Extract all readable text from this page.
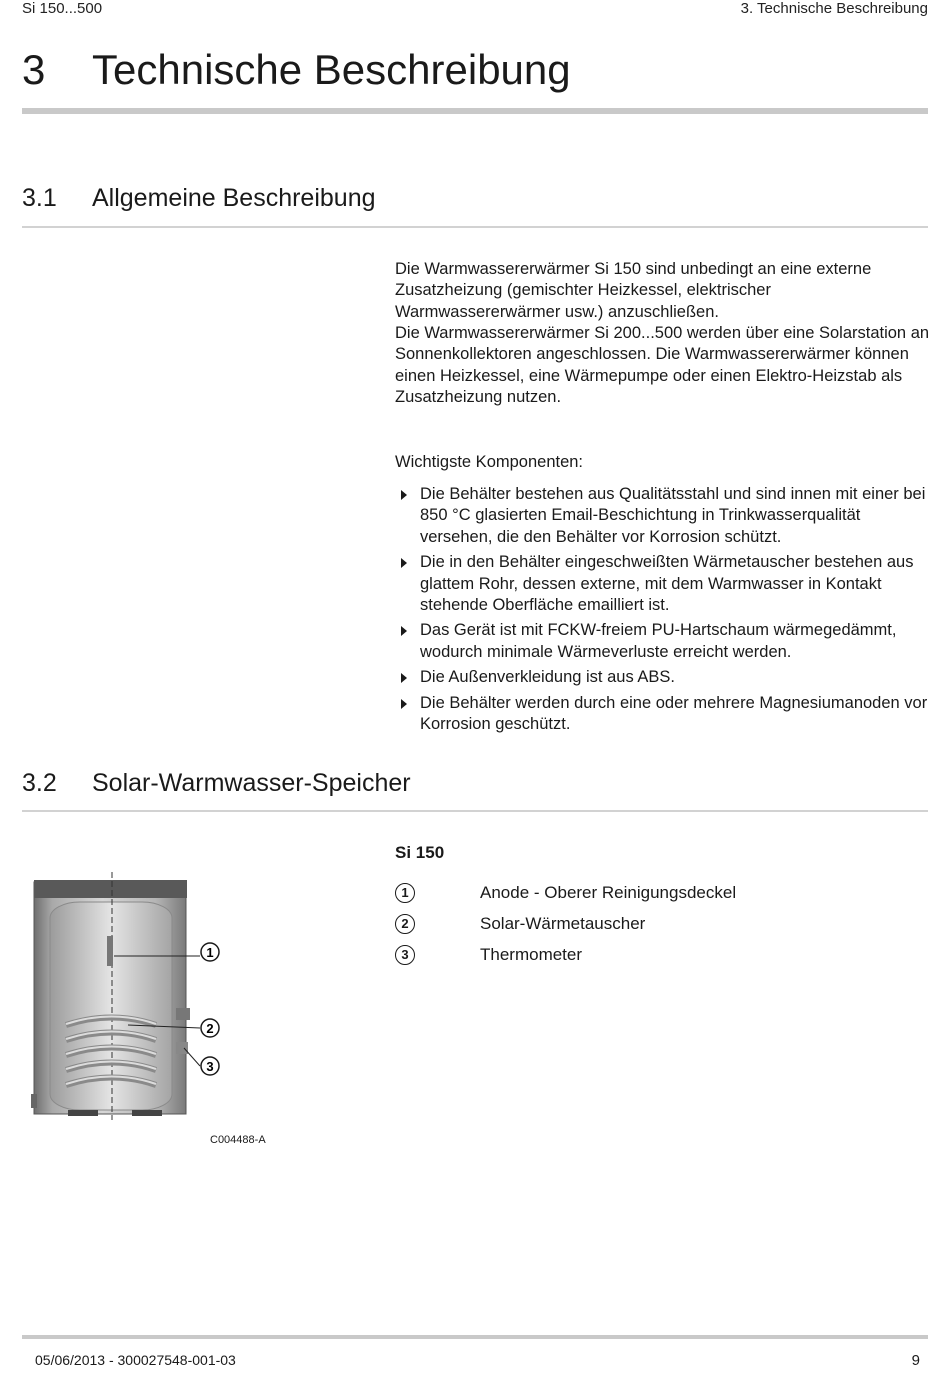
Si 150...500	3. Technische Beschreibung
3 Technische Beschreibung
3.1 Allgemeine Beschreibung
Die Warmwassererwärmer Si 150 sind unbedingt an eine externe Zusatzheizung (gemischter Heizkessel, elektrischer Warmwassererwärmer usw.) anzuschließen.
Die Warmwassererwärmer Si 200...500 werden über eine Solarstation an Sonnenkollektoren angeschlossen. Die Warmwassererwärmer können einen Heizkessel, eine Wärmepumpe oder einen Elektro-Heizstab als Zusatzheizung nutzen.
Wichtigste Komponenten:
Die Behälter bestehen aus Qualitätsstahl und sind innen mit einer bei 850 °C glasierten Email-Beschichtung in Trinkwasserqualität versehen, die den Behälter vor Korrosion schützt.
Die in den Behälter eingeschweißten Wärmetauscher bestehen aus glattem Rohr, dessen externe, mit dem Warmwasser in Kontakt stehende Oberfläche emailliert ist.
Das Gerät ist mit FCKW-freiem PU-Hartschaum wärmegedämmt, wodurch minimale Wärmeverluste erreicht werden.
Die Außenverkleidung ist aus ABS.
Die Behälter werden durch eine oder mehrere Magnesiumanoden vor Korrosion geschützt.
3.2 Solar-Warmwasser-Speicher
Si 150
1	Anode - Oberer Reinigungsdeckel
2	Solar-Wärmetauscher
3	Thermometer
1
2
3
C004488-A
05/06/2013 - 300027548-001-03	9
